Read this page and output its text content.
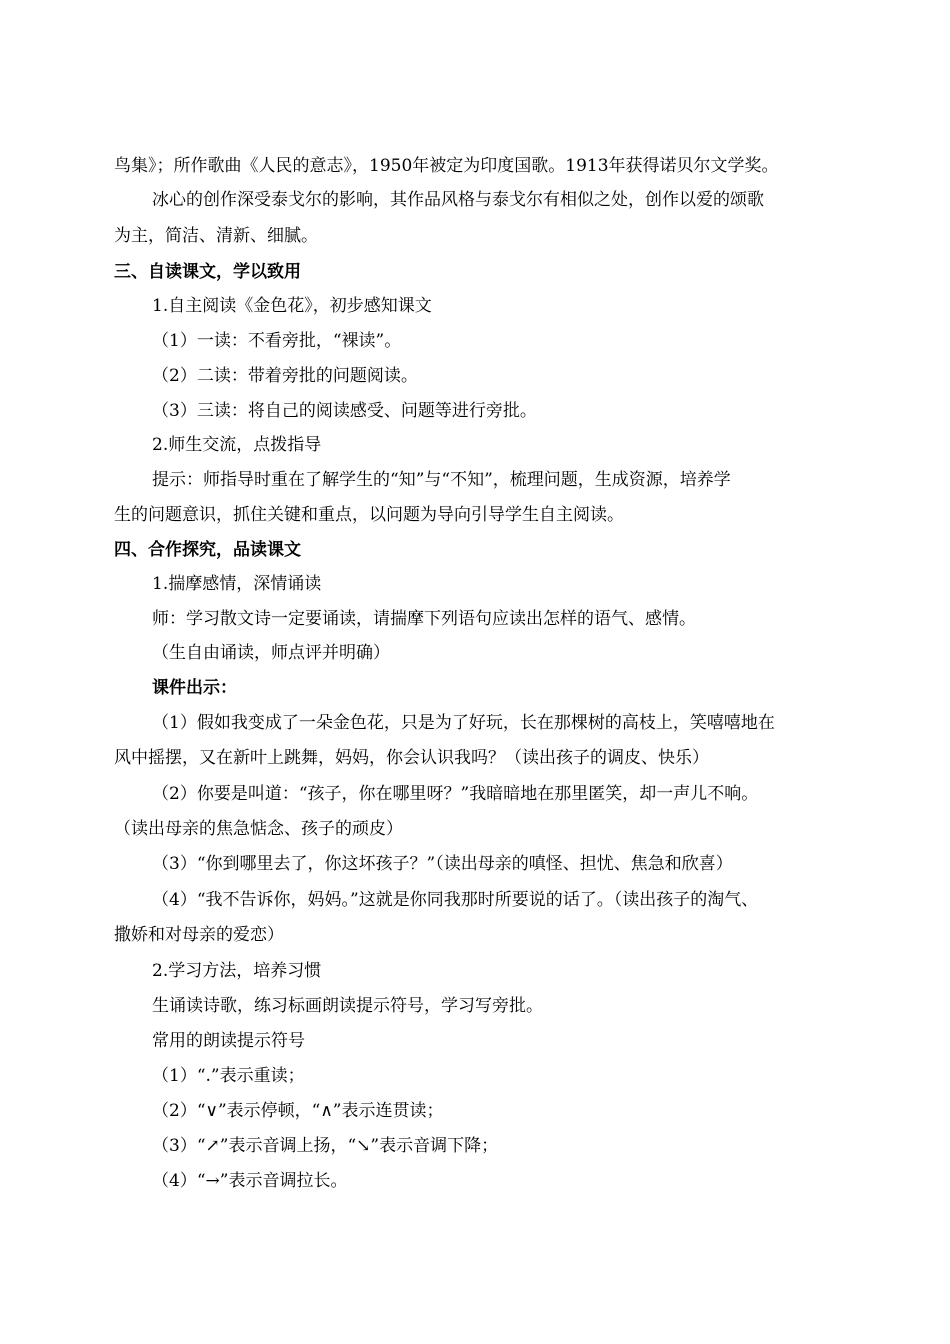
鸟集》；所作歌曲《人民的意志》，1950年被定为印度国歌。1913年获得诺贝尔文学奖。
冰心的创作深受泰戈尔的影响，其作品风格与泰戈尔有相似之处，创作以爱的颂歌
为主，简洁、清新、细腻。
三、自读课文，学以致用
1.自主阅读《金色花》，初步感知课文
（1）一读：不看旁批，“裸读”。
（2）二读：带着旁批的问题阅读。
（3）三读：将自己的阅读感受、问题等进行旁批。
2.师生交流，点拨指导
提示：师指导时重在了解学生的“知”与“不知”，梳理问题，生成资源，培养学
生的问题意识，抓住关键和重点，以问题为导向引导学生自主阅读。
四、合作探究，品读课文
1.揣摩感情，深情诵读
师：学习散文诗一定要诵读，请揣摩下列语句应读出怎样的语气、感情。
（生自由诵读，师点评并明确）
课件出示：
（1）假如我变成了一朵金色花，只是为了好玩，长在那棵树的高枝上，笑嘻嘻地在
风中摇摆，又在新叶上跳舞，妈妈，你会认识我吗？（读出孩子的调皮、快乐）
（2）你要是叫道：“孩子，你在哪里呀？”我暗暗地在那里匿笑，却一声儿不响。
（读出母亲的焦急惦念、孩子的顽皮）
（3）“你到哪里去了，你这坏孩子？”（读出母亲的嗔怪、担忧、焦急和欣喜）
（4）“我不告诉你，妈妈。”这就是你同我那时所要说的话了。（读出孩子的淘气、
撒娇和对母亲的爱恋）
2.学习方法，培养习惯
生诵读诗歌，练习标画朗读提示符号，学习写旁批。
常用的朗读提示符号
（1）“.”表示重读；
（2）“∨”表示停顿，“∧”表示连贯读；
（3）“↗”表示音调上扬，“↘”表示音调下降；
（4）“→”表示音调拉长。
